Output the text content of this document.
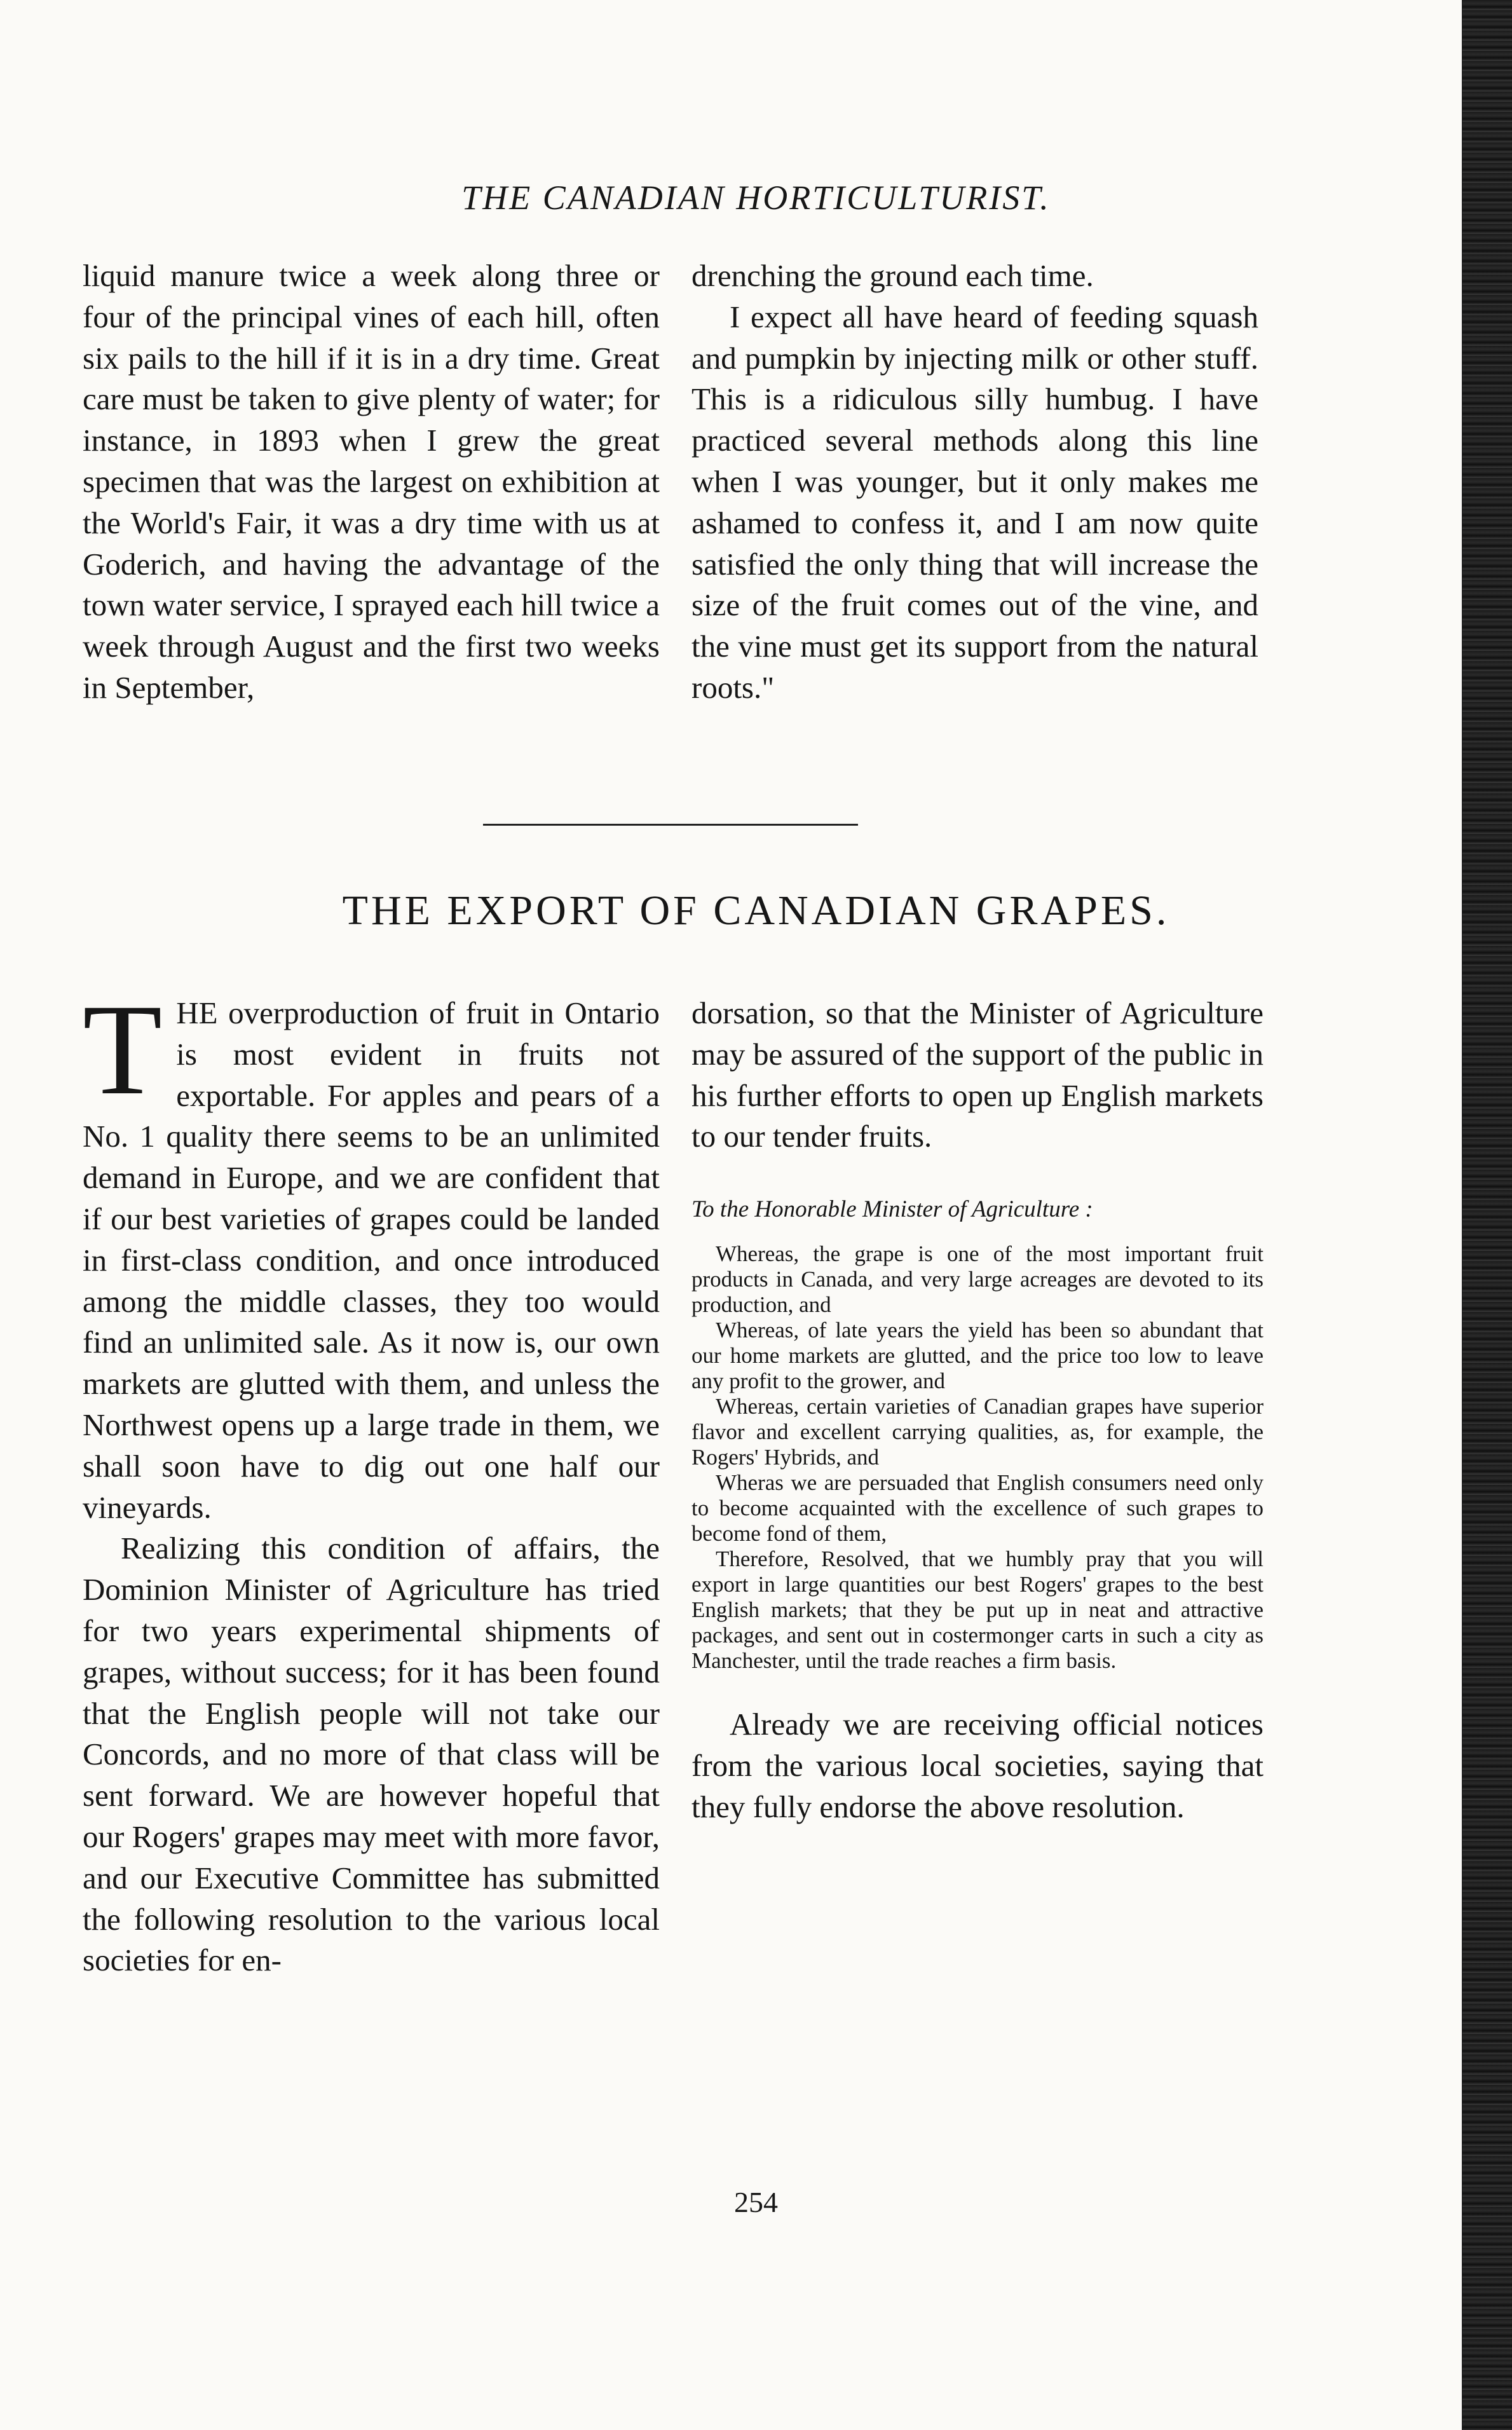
THE CANADIAN HORTICULTURIST.

liquid manure twice a week along three or four of the principal vines of each hill, often six pails to the hill if it is in a dry time. Great care must be taken to give plenty of water; for instance, in 1893 when I grew the great specimen that was the largest on exhibition at the World's Fair, it was a dry time with us at Goderich, and having the advantage of the town water service, I sprayed each hill twice a week through August and the first two weeks in September,

drenching the ground each time.

I expect all have heard of feeding squash and pumpkin by injecting milk or other stuff. This is a ridiculous silly humbug. I have practiced several methods along this line when I was younger, but it only makes me ashamed to confess it, and I am now quite satisfied the only thing that will increase the size of the fruit comes out of the vine, and the vine must get its support from the natural roots."

THE EXPORT OF CANADIAN GRAPES.

THE overproduction of fruit in Ontario is most evident in fruits not exportable. For apples and pears of a No. 1 quality there seems to be an unlimited demand in Europe, and we are confident that if our best varieties of grapes could be landed in first-class condition, and once introduced among the middle classes, they too would find an unlimited sale. As it now is, our own markets are glutted with them, and unless the Northwest opens up a large trade in them, we shall soon have to dig out one half our vineyards.

Realizing this condition of affairs, the Dominion Minister of Agriculture has tried for two years experimental shipments of grapes, without success; for it has been found that the English people will not take our Concords, and no more of that class will be sent forward. We are however hopeful that our Rogers' grapes may meet with more favor, and our Executive Committee has submitted the following resolution to the various local societies for en-

dorsation, so that the Minister of Agriculture may be assured of the support of the public in his further efforts to open up English markets to our tender fruits.

To the Honorable Minister of Agriculture :

Whereas, the grape is one of the most important fruit products in Canada, and very large acreages are devoted to its production, and

Whereas, of late years the yield has been so abundant that our home markets are glutted, and the price too low to leave any profit to the grower, and

Whereas, certain varieties of Canadian grapes have superior flavor and excellent carrying qualities, as, for example, the Rogers' Hybrids, and

Wheras we are persuaded that English consumers need only to become acquainted with the excellence of such grapes to become fond of them,

Therefore, Resolved, that we humbly pray that you will export in large quantities our best Rogers' grapes to the best English markets; that they be put up in neat and attractive packages, and sent out in costermonger carts in such a city as Manchester, until the trade reaches a firm basis.

Already we are receiving official notices from the various local societies, saying that they fully endorse the above resolution.

254
